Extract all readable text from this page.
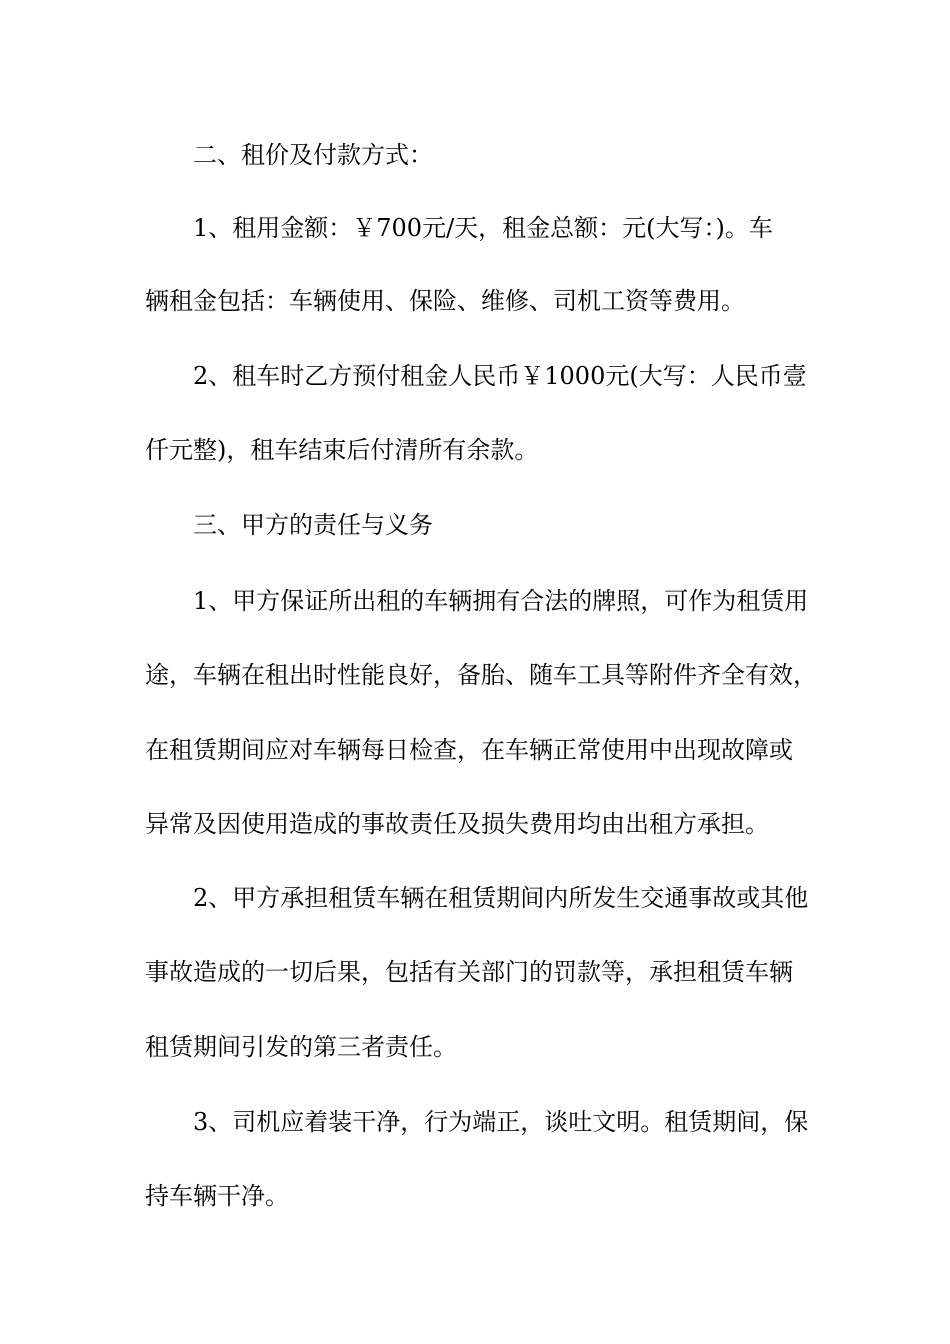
二、租价及付款方式：
1、租用金额：￥700元/天，租金总额：元(大写：)。车
辆租金包括：车辆使用、保险、维修、司机工资等费用。
2、租车时乙方预付租金人民币￥1000元(大写：人民币壹
仟元整)，租车结束后付清所有余款。
三、甲方的责任与义务
1、甲方保证所出租的车辆拥有合法的牌照，可作为租赁用
途，车辆在租出时性能良好，备胎、随车工具等附件齐全有效，
在租赁期间应对车辆每日检查，在车辆正常使用中出现故障或
异常及因使用造成的事故责任及损失费用均由出租方承担。
2、甲方承担租赁车辆在租赁期间内所发生交通事故或其他
事故造成的一切后果，包括有关部门的罚款等，承担租赁车辆
租赁期间引发的第三者责任。
3、司机应着装干净，行为端正，谈吐文明。租赁期间，保
持车辆干净。
